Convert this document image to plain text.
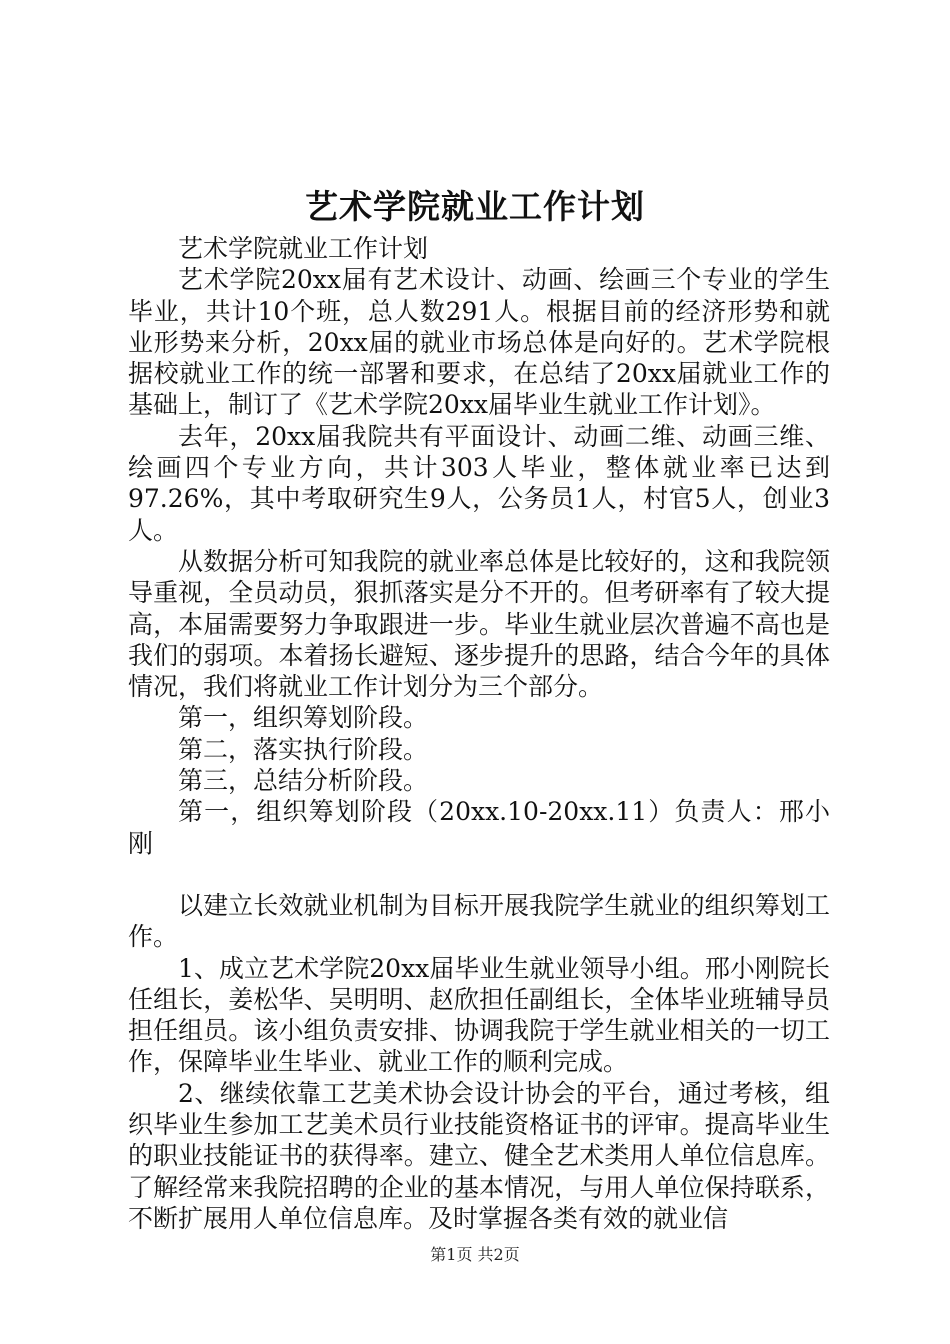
艺术学院就业工作计划

艺术学院就业工作计划

艺术学院20xx届有艺术设计、动画、绘画三个专业的学生毕业，共计10个班，总人数291人。根据目前的经济形势和就业形势来分析，20xx届的就业市场总体是向好的。艺术学院根据校就业工作的统一部署和要求，在总结了20xx届就业工作的基础上，制订了《艺术学院20xx届毕业生就业工作计划》。

去年，20xx届我院共有平面设计、动画二维、动画三维、绘画四个专业方向，共计303人毕业，整体就业率已达到97.26%，其中考取研究生9人，公务员1人，村官5人，创业3人。

从数据分析可知我院的就业率总体是比较好的，这和我院领导重视，全员动员，狠抓落实是分不开的。但考研率有了较大提高，本届需要努力争取跟进一步。毕业生就业层次普遍不高也是我们的弱项。本着扬长避短、逐步提升的思路，结合今年的具体情况，我们将就业工作计划分为三个部分。

第一，组织筹划阶段。

第二，落实执行阶段。

第三，总结分析阶段。

第一，组织筹划阶段（20xx.10-20xx.11）负责人：邢小刚

以建立长效就业机制为目标开展我院学生就业的组织筹划工作。

1、成立艺术学院20xx届毕业生就业领导小组。邢小刚院长任组长，姜松华、吴明明、赵欣担任副组长，全体毕业班辅导员担任组员。该小组负责安排、协调我院于学生就业相关的一切工作，保障毕业生毕业、就业工作的顺利完成。

2、继续依靠工艺美术协会设计协会的平台，通过考核，组织毕业生参加工艺美术员行业技能资格证书的评审。提高毕业生的职业技能证书的获得率。建立、健全艺术类用人单位信息库。了解经常来我院招聘的企业的基本情况，与用人单位保持联系，不断扩展用人单位信息库。及时掌握各类有效的就业信

第1页 共2页
